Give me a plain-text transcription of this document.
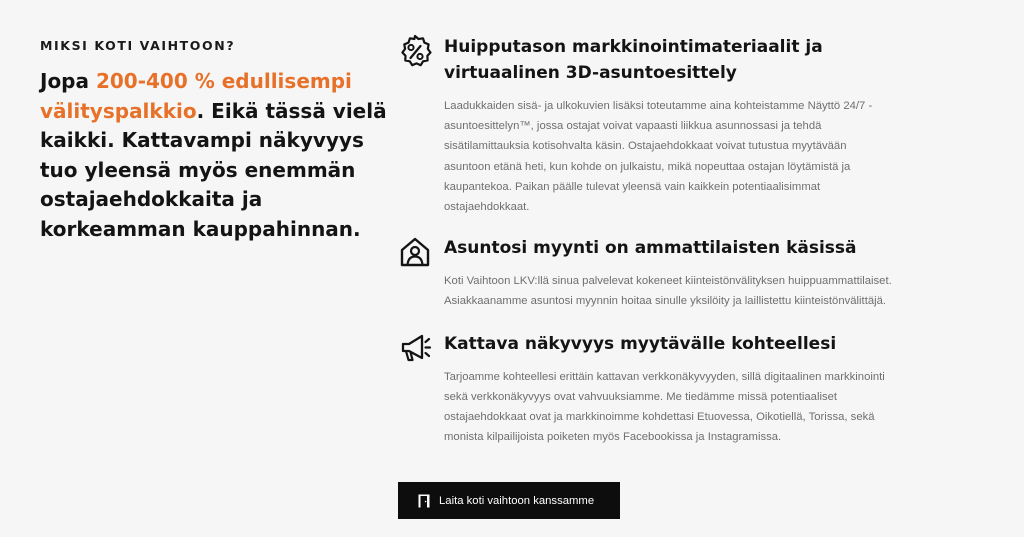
MIKSI KOTI VAIHTOON?

Jopa 200-400 % edullisempi välityspalkkio. Eikä tässä vielä kaikki. Kattavampi näkyvyys tuo yleensä myös enemmän ostajaehdokkaita ja korkeamman kauppahinnan.

Huipputason markkinointimateriaalit ja virtuaalinen 3D-asuntoesittely

Laadukkaiden sisä- ja ulkokuvien lisäksi toteutamme aina kohteistamme Näyttö 24/7 -asuntoesittelyn™, jossa ostajat voivat vapaasti liikkua asunnossasi ja tehdä sisätilamittauksia kotisohvalta käsin. Ostajaehdokkaat voivat tutustua myytävään asuntoon etänä heti, kun kohde on julkaistu, mikä nopeuttaa ostajan löytämistä ja kaupantekoa. Paikan päälle tulevat yleensä vain kaikkein potentiaalisimmat ostajaehdokkaat.

Asuntosi myynti on ammattilaisten käsissä

Koti Vaihtoon LKV:llä sinua palvelevat kokeneet kiinteistönvälityksen huippuammattilaiset. Asiakkaanamme asuntosi myynnin hoitaa sinulle yksilöity ja laillistettu kiinteistönvälittäjä.

Kattava näkyvyys myytävälle kohteellesi

Tarjoamme kohteellesi erittäin kattavan verkkonäkyvyyden, sillä digitaalinen markkinointi sekä verkkonäkyvyys ovat vahvuuksiamme. Me tiedämme missä potentiaaliset ostajaehdokkaat ovat ja markkinoimme kohdettasi Etuovessa, Oikotiellä, Torissa, sekä monista kilpailijoista poiketen myös Facebookissa ja Instagramissa.

Laita koti vaihtoon kanssamme
